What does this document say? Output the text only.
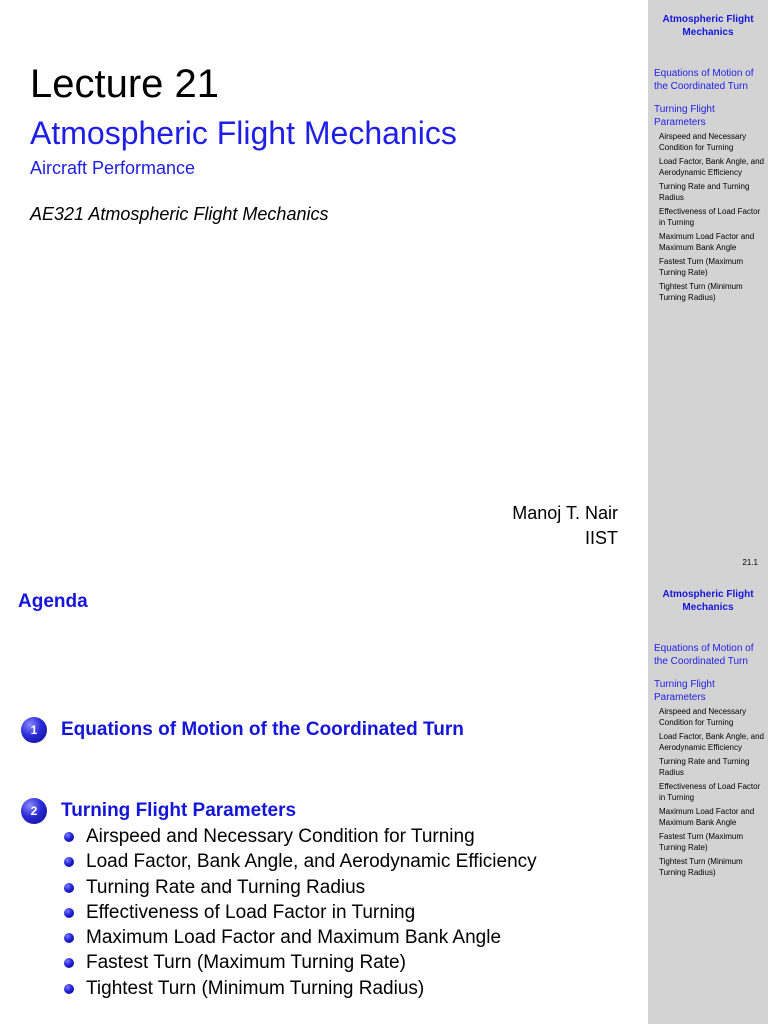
Lecture 21
Atmospheric Flight Mechanics
Aircraft Performance
AE321 Atmospheric Flight Mechanics
Manoj T. Nair
IIST
Atmospheric Flight Mechanics
Equations of Motion of the Coordinated Turn
Turning Flight Parameters
Airspeed and Necessary Condition for Turning
Load Factor, Bank Angle, and Aerodynamic Efficiency
Turning Rate and Turning Radius
Effectiveness of Load Factor in Turning
Maximum Load Factor and Maximum Bank Angle
Fastest Turn (Maximum Turning Rate)
Tightest Turn (Minimum Turning Radius)
21.1
Agenda
1	Equations of Motion of the Coordinated Turn
2	Turning Flight Parameters
Airspeed and Necessary Condition for Turning
Load Factor, Bank Angle, and Aerodynamic Efficiency
Turning Rate and Turning Radius
Effectiveness of Load Factor in Turning
Maximum Load Factor and Maximum Bank Angle
Fastest Turn (Maximum Turning Rate)
Tightest Turn (Minimum Turning Radius)
Atmospheric Flight Mechanics
Equations of Motion of the Coordinated Turn
Turning Flight Parameters
Airspeed and Necessary Condition for Turning
Load Factor, Bank Angle, and Aerodynamic Efficiency
Turning Rate and Turning Radius
Effectiveness of Load Factor in Turning
Maximum Load Factor and Maximum Bank Angle
Fastest Turn (Maximum Turning Rate)
Tightest Turn (Minimum Turning Radius)
